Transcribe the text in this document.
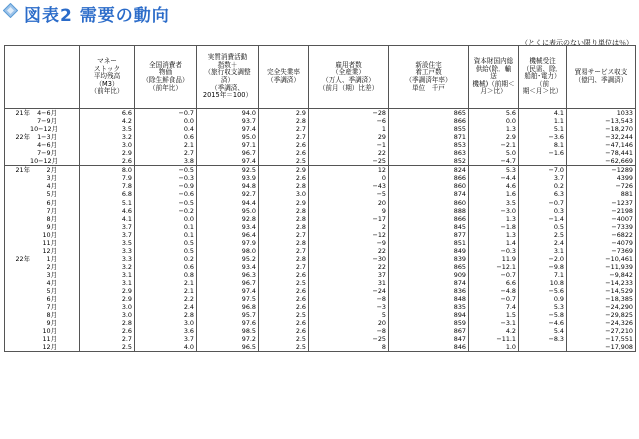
図表2 需要の動向
（とくに表示のない限り単位は％）
	マネー
ストック
平均残高
（M3）
（前年比）	全国消費者
物価
（除生鮮食品）
（前年比）	実質消費活動
指数＋
（旅行収支調整済）
（季調済、
2015年＝100）	完全失業率
（季調済）	雇用者数
（全産業）
（万人、季調済）
（前月（期）比差）	新設住宅
着工戸数
（季調済年率）
単位　千戸	資本財国内総
供給(除．輸
送
機械)（前期＜
月＞比）	機械受注
（民需、除．
船舶･電力）（前
期＜月＞比）	貿易サービス収支
（億円、季調済）
21年 4−6月	6.6	−0.7	94.0	2.9	−28	865	5.6	4.1	1033
7−9月	4.2	0.0	93.7	2.8	−6	866	0.0	1.1	−13,543
10−12月	3.5	0.4	97.4	2.7	1	855	1.3	5.1	−18,270
22年 1−3月	3.2	0.6	95.0	2.7	29	871	2.9	−3.6	−32,244
4−6月	3.0	2.1	97.1	2.6	−1	853	−2.1	8.1	−47,146
7−9月	2.9	2.7	96.7	2.6	22	863	5.0	−1.6	−78,441
10−12月	2.6	3.8	97.4	2.5	−25	852	−4.7		−62,669
21年 2月	8.0	−0.5	92.5	2.9	12	824	5.3	−7.0	−1289
3月	7.9	−0.3	93.9	2.6	0	866	−4.4	3.7	4399
4月	7.8	−0.9	94.8	2.8	−43	860	4.6	0.2	−726
5月	6.8	−0.6	92.7	3.0	−5	874	1.6	6.3	881
6月	5.1	−0.5	94.4	2.9	20	860	3.5	−0.7	−1237
7月	4.6	−0.2	95.0	2.8	9	888	−3.0	0.3	−2198
8月	4.1	0.0	92.8	2.8	−17	866	1.3	−1.4	−4007
9月	3.7	0.1	93.4	2.8	2	845	−1.8	0.5	−7339
10月	3.7	0.1	96.4	2.7	−12	877	1.3	2.5	−6822
11月	3.5	0.5	97.9	2.8	−9	851	1.4	2.4	−4079
12月	3.3	0.5	98.0	2.7	22	849	−0.3	3.1	−7369
22年 1月	3.3	0.2	95.2	2.8	−30	839	11.9	−2.0	−10,461
2月	3.2	0.6	93.4	2.7	22	865	−12.1	−9.8	−11,939
3月	3.1	0.8	96.3	2.6	37	909	−0.7	7.1	−9,842
4月	3.1	2.1	96.7	2.5	31	874	6.6	10.8	−14,233
5月	2.9	2.1	97.4	2.6	−24	836	−4.8	−5.6	−14,529
6月	2.9	2.2	97.5	2.6	−8	848	−0.7	0.9	−18,385
7月	3.0	2.4	96.8	2.6	−3	835	7.4	5.3	−24,290
8月	3.0	2.8	95.7	2.5	5	894	1.5	−5.8	−29,825
9月	2.8	3.0	97.6	2.6	20	859	−3.1	−4.6	−24,326
10月	2.6	3.6	98.5	2.6	−8	867	4.2	5.4	−27,210
11月	2.7	3.7	97.2	2.5	−25	847	−11.1	−8.3	−17,551
12月	2.5	4.0	96.5	2.5	8	846	1.0		−17,908
